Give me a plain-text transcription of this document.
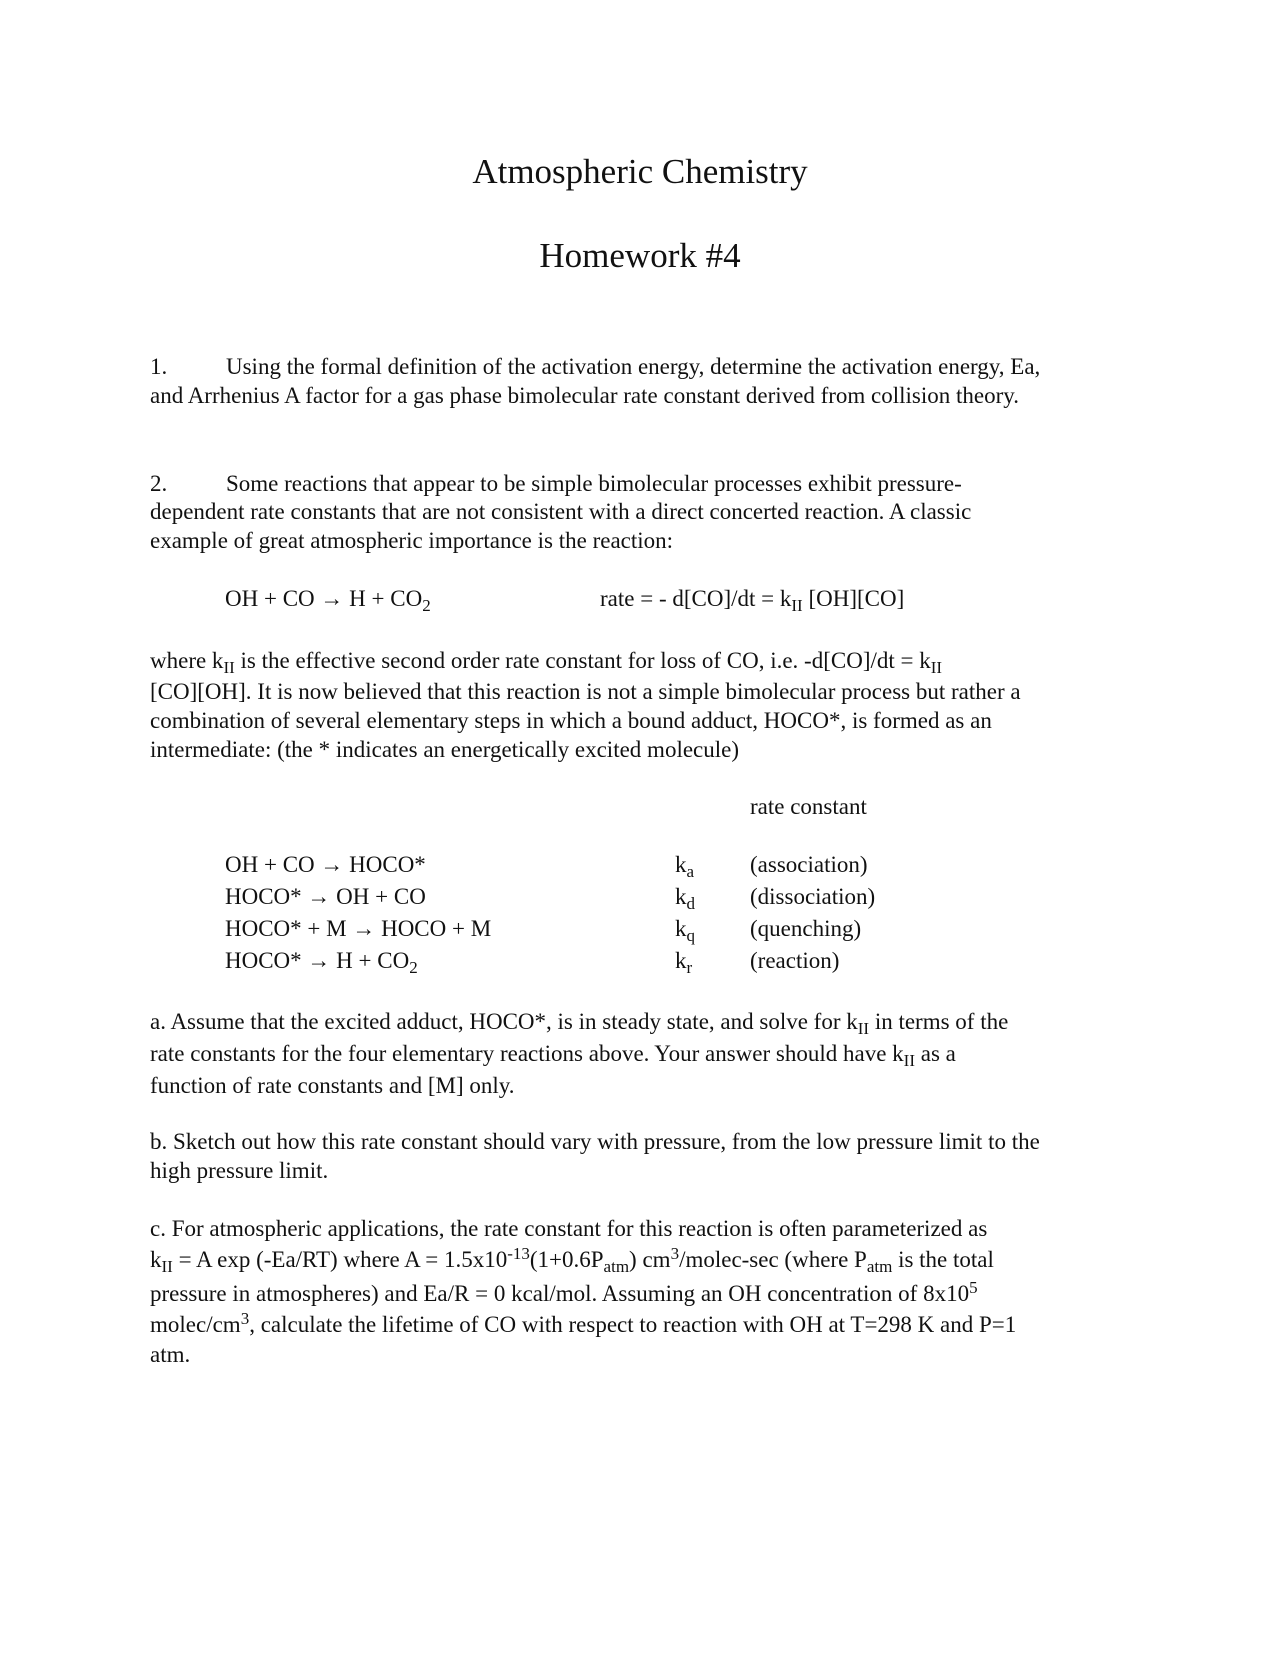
Atmospheric Chemistry
Homework #4
1.	Using the formal definition of the activation energy, determine the activation energy, Ea,
and Arrhenius A factor for a gas phase bimolecular rate constant derived from collision theory.
2.	Some reactions that appear to be simple bimolecular processes exhibit pressure-
dependent rate constants that are not consistent with a direct concerted reaction. A classic
example of great atmospheric importance is the reaction:
OH + CO → $H + CO_2$	rate = - $d[CO]/dt = k_{II}$ [OH][CO]
where $k_{II}$ is the effective second order rate constant for loss of CO, i.e. $-d[CO]/dt = k_{II}$
[CO][OH]. It is now believed that this reaction is not a simple bimolecular process but rather a
combination of several elementary steps in which a bound adduct, HOCO*, is formed as an
intermediate: (the * indicates an energetically excited molecule)
rate constant
OH + CO → HOCO*	$k_a$ (association)
HOCO* → OH + CO	$k_d$ (dissociation)
HOCO* + M → HOCO + M	$k_q$ (quenching)
HOCO* → $H + CO_2$	$k_r$	(reaction)
a. Assume that the excited adduct, HOCO*, is in steady state, and solve for $k_{II}$ in terms of the
rate constants for the four elementary reactions above. Your answer should have $k_{II}$ as a
function of rate constants and [M] only.
b. Sketch out how this rate constant should vary with pressure, from the low pressure limit to the
high pressure limit.
c. For atmospheric applications, the rate constant for this reaction is often parameterized as
$k_{II} = A$ exp (-Ea/RT) where $A = 1.5x10^{-13}(1+0.6P_{atm})$ $cm^3/molec-\sec$ (where $P_{atm}$ is the total
pressure in atmospheres) and Ea/R = 0 kcal/mol. Assuming an OH concentration of $8x10^5$
molec/$cm^3$, calculate the lifetime of CO with respect to reaction with OH at T=298 K and P=1
atm.
